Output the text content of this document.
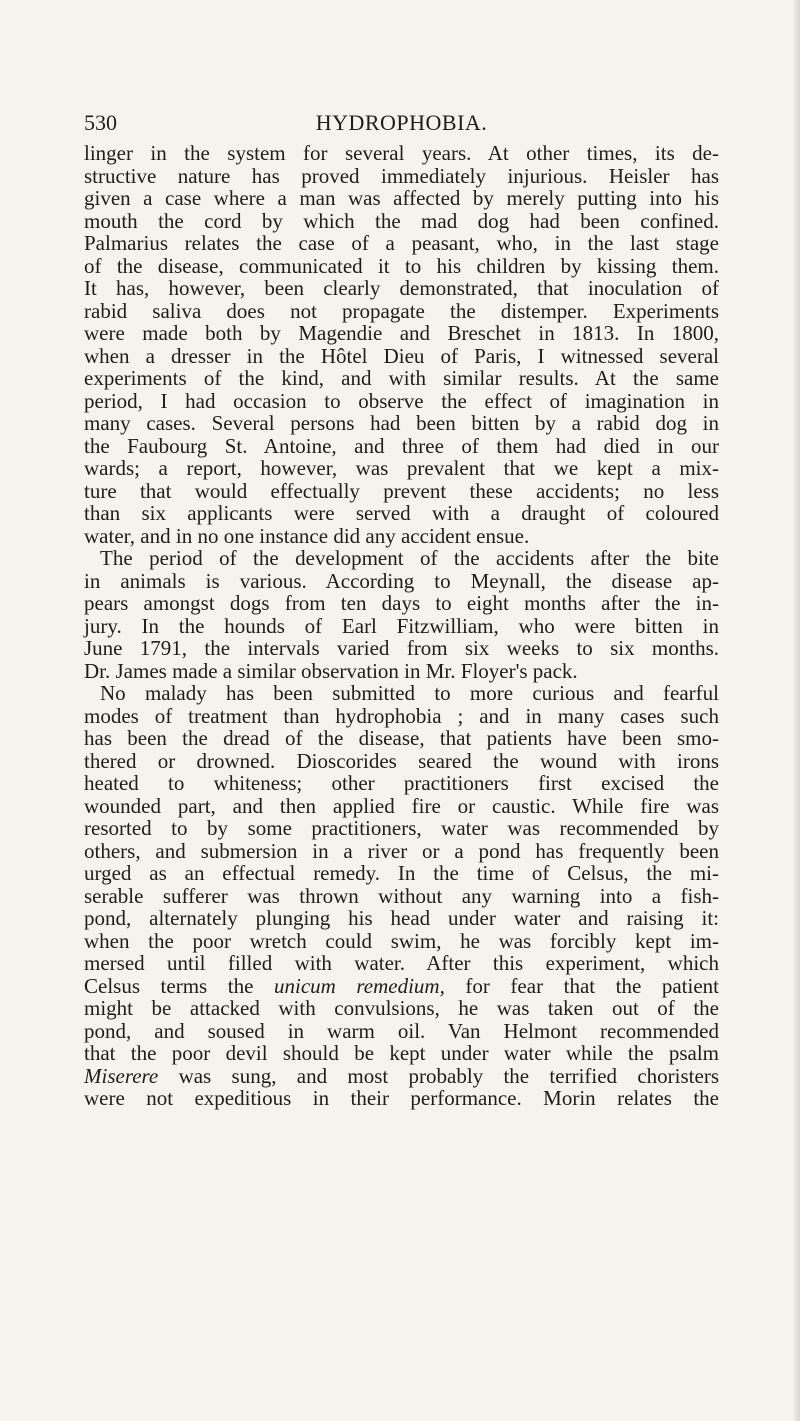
HYDROPHOBIA.
530
linger in the system for several years. At other times, its de-
structive nature has proved immediately injurious. Heisler has
given a case where a man was affected by merely putting into his
mouth the cord by which the mad dog had been confined.
Palmarius relates the case of a peasant, who, in the last stage
of the disease, communicated it to his children by kissing them.
It has, however, been clearly demonstrated, that inoculation of
rabid saliva does not propagate the distemper. Experiments
were made both by Magendie and Breschet in 1813. In 1800,
when a dresser in the Hôtel Dieu of Paris, I witnessed several
experiments of the kind, and with similar results. At the same
period, I had occasion to observe the effect of imagination in
many cases. Several persons had been bitten by a rabid dog in
the Faubourg St. Antoine, and three of them had died in our
wards; a report, however, was prevalent that we kept a mix-
ture that would effectually prevent these accidents; no less
than six applicants were served with a draught of coloured
water, and in no one instance did any accident ensue.
The period of the development of the accidents after the bite
in animals is various. According to Meynall, the disease ap-
pears amongst dogs from ten days to eight months after the in-
jury. In the hounds of Earl Fitzwilliam, who were bitten in
June 1791, the intervals varied from six weeks to six months.
Dr. James made a similar observation in Mr. Floyer's pack.
No malady has been submitted to more curious and fearful
modes of treatment than hydrophobia ; and in many cases such
has been the dread of the disease, that patients have been smo-
thered or drowned. Dioscorides seared the wound with irons
heated to whiteness; other practitioners first excised the
wounded part, and then applied fire or caustic. While fire was
resorted to by some practitioners, water was recommended by
others, and submersion in a river or a pond has frequently been
urged as an effectual remedy. In the time of Celsus, the mi-
serable sufferer was thrown without any warning into a fish-
pond, alternately plunging his head under water and raising it:
when the poor wretch could swim, he was forcibly kept im-
mersed until filled with water. After this experiment, which
Celsus terms the unicum remedium, for fear that the patient
might be attacked with convulsions, he was taken out of the
pond, and soused in warm oil. Van Helmont recommended
that the poor devil should be kept under water while the psalm
Miserere was sung, and most probably the terrified choristers
were not expeditious in their performance. Morin relates the
